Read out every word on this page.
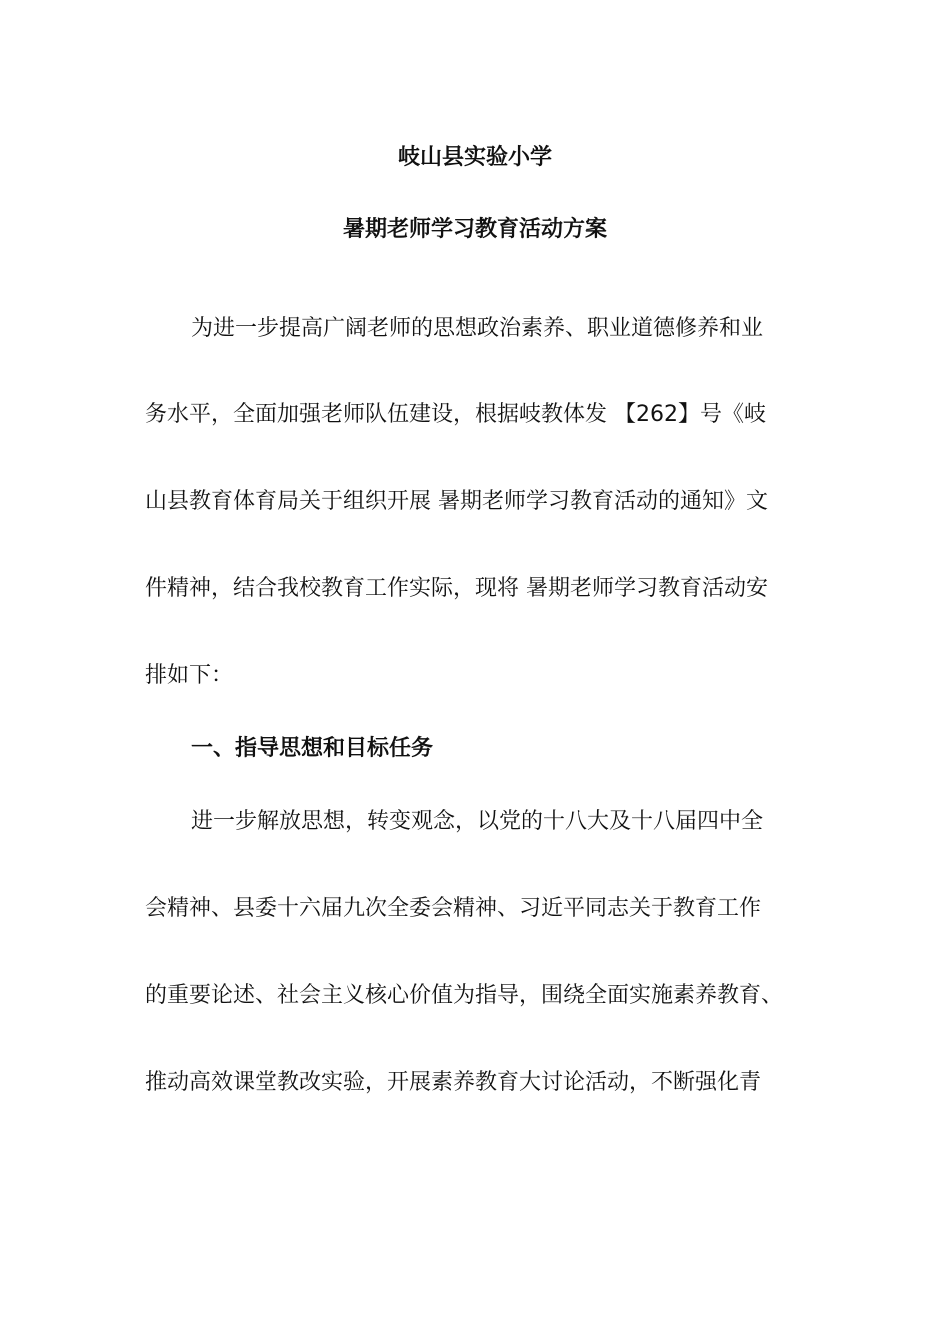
岐山县实验小学
暑期老师学习教育活动方案

为进一步提高广阔老师的思想政治素养、职业道德修养和业

务水平，全面加强老师队伍建设，根据岐教体发 【262】号《岐

山县教育体育局关于组织开展 暑期老师学习教育活动的通知》文

件精神，结合我校教育工作实际，现将 暑期老师学习教育活动安

排如下：

一、指导思想和目标任务

进一步解放思想，转变观念，以党的十八大及十八届四中全

会精神、县委十六届九次全委会精神、习近平同志关于教育工作

的重要论述、社会主义核心价值为指导，围绕全面实施素养教育、

推动高效课堂教改实验，开展素养教育大讨论活动，不断强化青
